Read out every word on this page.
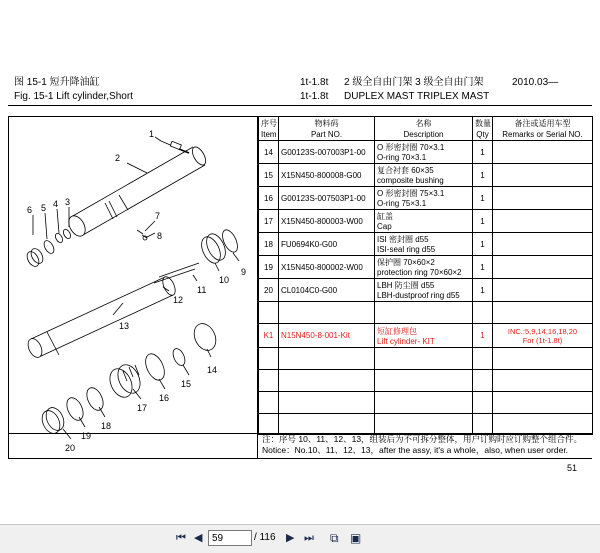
图 15-1 短升降油缸
Fig. 15-1 Lift cylinder,Short
1t-1.8t
1t-1.8t
2 级全自由门架 3 级全自由门架
DUPLEX MAST TRIPLEX MAST
2010.03—
1
2
3
4
5
6
7
8
9
10
11
12
13
14
15
16
17
18
19
20
序号
Item	物料码
Part NO.	名称
Description	数量
Qty	备注或适用车型
Remarks or Serial NO.
14	G00123S-007003P1-00	O 形密封圈 70×3.1
O-ring 70×3.1	1	
15	X15N450-800008-G00	复合衬套 60×35
composite bushing	1	
16	G00123S-007503P1-00	O 形密封圈 75×3.1
O-ring 75×3.1	1	
17	X15N450-800003-W00	缸盖
Cap	1	
18	FU0694K0-G00	ISI 密封圈 d55
ISI-seal ring d55	1	
19	X15N450-800002-W00	保护圈 70×60×2
protection ring 70×60×2	1	
20	CL0104C0-G00	LBH 防尘圈 d55
LBH-dustproof ring d55	1	

K1	N15N450-8-001-Kit	短缸修理包
Lift cylinder- KIT	1	INC.:5,9,14,16,18,20
For (1t-1.8t)

注：序号 10、11、12、13，组装后为不可拆分整体，用户订购时应订购整个组合件。
Notice：No.10、11、12、13，after the assy, it's a whole，also, when user order.
51
⏮ ◀
59	/ 116 ▶ ⏭ ⧉ ▣
